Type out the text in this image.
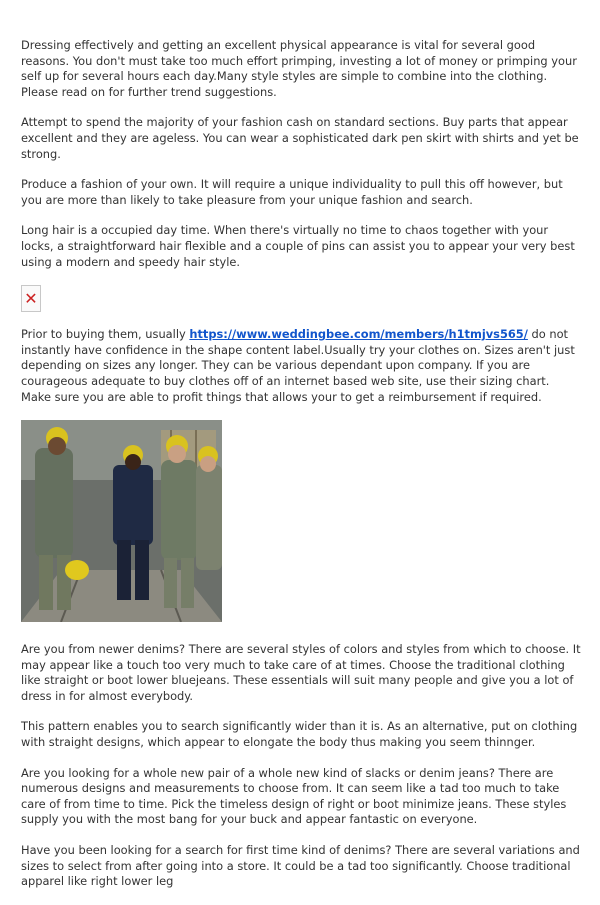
Dressing effectively and getting an excellent physical appearance is vital for several good reasons. You don't must take too much effort primping, investing a lot of money or primping your self up for several hours each day.Many style styles are simple to combine into the clothing. Please read on for further trend suggestions.

Attempt to spend the majority of your fashion cash on standard sections. Buy parts that appear excellent and they are ageless. You can wear a sophisticated dark pen skirt with shirts and yet be strong.

Produce a fashion of your own. It will require a unique individuality to pull this off however, but you are more than likely to take pleasure from your unique fashion and search.

Long hair is a occupied day time. When there's virtually no time to chaos together with your locks, a straightforward hair flexible and a couple of pins can assist you to appear your very best using a modern and speedy hair style.

✕

Prior to buying them, usually https://www.weddingbee.com/members/h1tmjvs565/ do not instantly have confidence in the shape content label.Usually try your clothes on. Sizes aren't just depending on sizes any longer. They can be various dependant upon company. If you are courageous adequate to buy clothes off of an internet based web site, use their sizing chart. Make sure you are able to profit things that allows your to get a reimbursement if required.

Are you from newer denims? There are several styles of colors and styles from which to choose. It may appear like a touch too very much to take care of at times. Choose the traditional clothing like straight or boot lower bluejeans. These essentials will suit many people and give you a lot of dress in for almost everybody.

This pattern enables you to search significantly wider than it is. As an alternative, put on clothing with straight designs, which appear to elongate the body thus making you seem thinnger.

Are you looking for a whole new pair of a whole new kind of slacks or denim jeans? There are numerous designs and measurements to choose from. It can seem like a tad too much to take care of from time to time. Pick the timeless design of right or boot minimize jeans. These styles supply you with the most bang for your buck and appear fantastic on everyone.

Have you been looking for a search for first time kind of denims? There are several variations and sizes to select from after going into a store. It could be a tad too significantly. Choose traditional apparel like right lower leg
